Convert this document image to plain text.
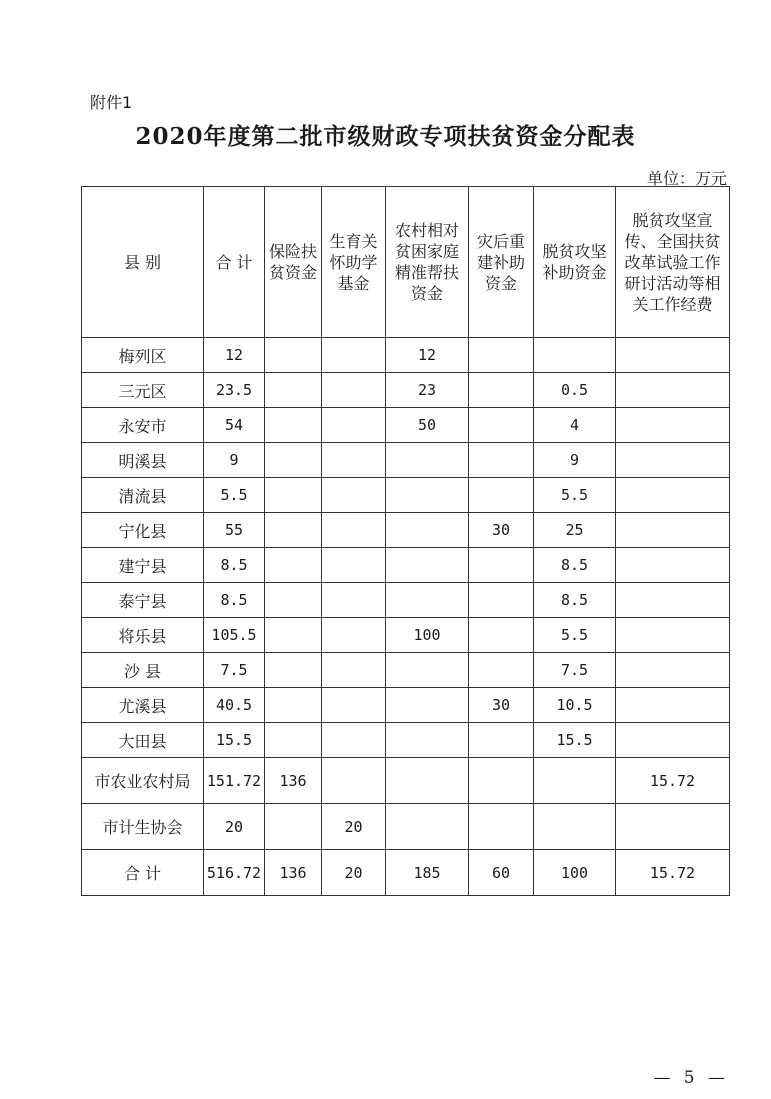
附件1
2020年度第二批市级财政专项扶贫资金分配表
单位：万元
县 别	合 计	保险扶贫资金	生育关怀助学基金	农村相对贫困家庭精准帮扶资金	灾后重建补助资金	脱贫攻坚补助资金	脱贫攻坚宣传、全国扶贫改革试验工作研讨活动等相关工作经费
梅列区	12			12			
三元区	23.5			23		0.5	
永安市	54			50		4	
明溪县	9					9	
清流县	5.5					5.5	
宁化县	55				30	25	
建宁县	8.5					8.5	
泰宁县	8.5					8.5	
将乐县	105.5			100		5.5	
沙 县	7.5					7.5	
尤溪县	40.5				30	10.5	
大田县	15.5					15.5	
市农业农村局	151.72	136					15.72
市计生协会	20		20				
合 计	516.72	136	20	185	60	100	15.72
— 5 —
